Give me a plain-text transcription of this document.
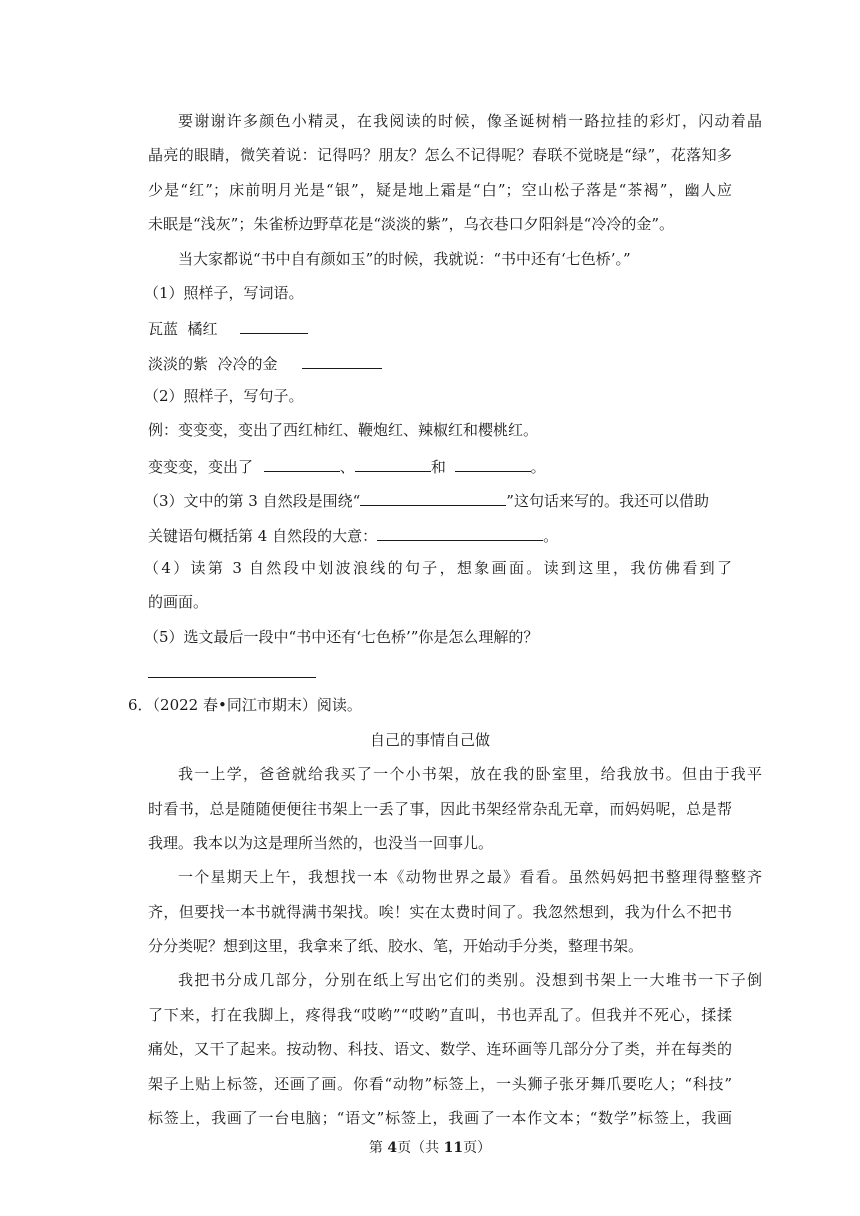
要谢谢许多颜色小精灵，在我阅读的时候，像圣诞树梢一路拉挂的彩灯，闪动着晶
晶亮的眼睛，微笑着说：记得吗？朋友？怎么不记得呢？春联不觉晓是“绿”，花落知多
少是“红”；床前明月光是“银”，疑是地上霜是“白”；空山松子落是“茶褐”，幽人应
未眠是“浅灰”；朱雀桥边野草花是“淡淡的紫”，乌衣巷口夕阳斜是“冷冷的金”。
当大家都说“书中自有颜如玉”的时候，我就说：“书中还有‘七色桥’。”
（1）照样子，写词语。
瓦蓝  橘红
淡淡的紫  冷冷的金
（2）照样子，写句子。
例：变变变，变出了西红柿红、鞭炮红、辣椒红和樱桃红。
变变变，变出了	、	和	。
（3）文中的第 3 自然段是围绕“	”这句话来写的。我还可以借助
关键语句概括第 4 自然段的大意：	。
（4）读第 3 自然段中划波浪线的句子，想象画面。读到这里，我仿佛看到了
的画面。
（5）选文最后一段中“书中还有‘七色桥’”你是怎么理解的？
6．（2022 春•同江市期末）阅读。
自己的事情自己做
我一上学，爸爸就给我买了一个小书架，放在我的卧室里，给我放书。但由于我平
时看书，总是随随便便往书架上一丢了事，因此书架经常杂乱无章，而妈妈呢，总是帮
我理。我本以为这是理所当然的，也没当一回事儿。
一个星期天上午，我想找一本《动物世界之最》看看。虽然妈妈把书整理得整整齐
齐，但要找一本书就得满书架找。唉！实在太费时间了。我忽然想到，我为什么不把书
分分类呢？想到这里，我拿来了纸、胶水、笔，开始动手分类，整理书架。
第 4页（共 11页）
我把书分成几部分，分别在纸上写出它们的类别。没想到书架上一大堆书一下子倒
了下来，打在我脚上，疼得我“哎哟”“哎哟”直叫，书也弄乱了。但我并不死心，揉揉
痛处，又干了起来。按动物、科技、语文、数学、连环画等几部分分了类，并在每类的
架子上贴上标签，还画了画。你看“动物”标签上，一头狮子张牙舞爪要吃人；“科技”
标签上，我画了一台电脑；“语文”标签上，我画了一本作文本；“数学”标签上，我画
